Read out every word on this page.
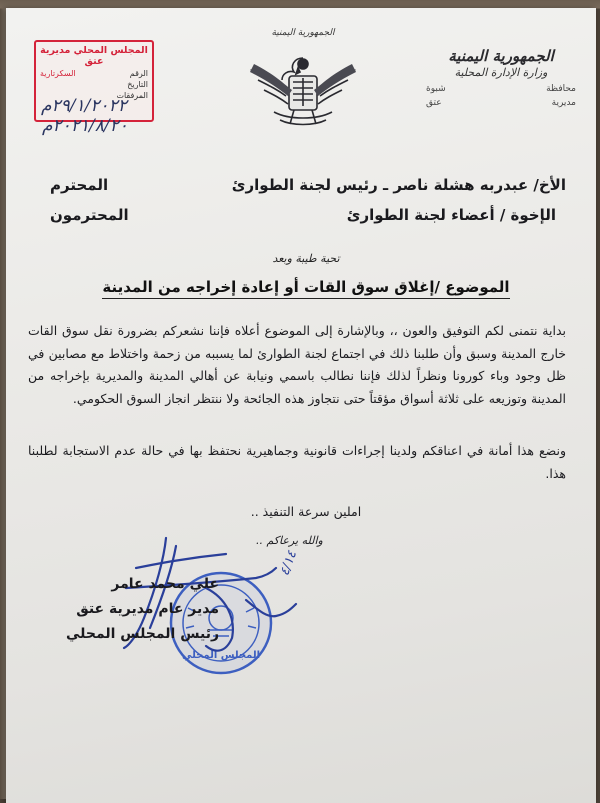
الجمهورية اليمنية
وزارة الإدارة المحلية
محافظة
شبوة
مديرية
عتق
الجمهورية اليمنية
المجلس المحلي مديرية عتق
الرقم
السكرتارية
التاريخ
المرفقات
٢٩/١/٢٠٢٢م
٢٠٢١/٨/٢٠م
الأخ/ عبدربه هشلة ناصر ـ رئيس لجنة الطوارئ
المحترم
الإخوة / أعضاء لجنة الطوارئ
المحترمون
تحية طيبة وبعد
الموضوع /إغلاق سوق القات أو إعادة إخراجه من المدينة
بداية نتمنى لكم التوفيق والعون ،، وبالإشارة إلى الموضوع أعلاه فإننا نشعركم بضرورة نقل سوق القات خارج المدينة وسبق وأن طلبنا ذلك في اجتماع لجنة الطوارئ لما يسببه من زحمة واختلاط مع مصابين في ظل وجود وباء كورونا ونظراً لذلك فإننا نطالب باسمي ونيابة عن أهالي المدينة والمديرية بإخراجه من المدينة وتوزيعه على ثلاثة أسواق مؤقتاً حتى نتجاوز هذه الجائحة ولا ننتظر انجاز السوق الحكومي.
ونضع هذا أمانة في اعناقكم ولدينا إجراءات قانونية وجماهيرية نحتفظ بها في حالة عدم الاستجابة لطلبنا هذا.
املين سرعة التنفيذ ..
والله يرعاكم ..
المجلس المحلي
٤/١٤
علي محمد عامر
مدير عام مديرية عتق
رئيس المجلس المحلي
